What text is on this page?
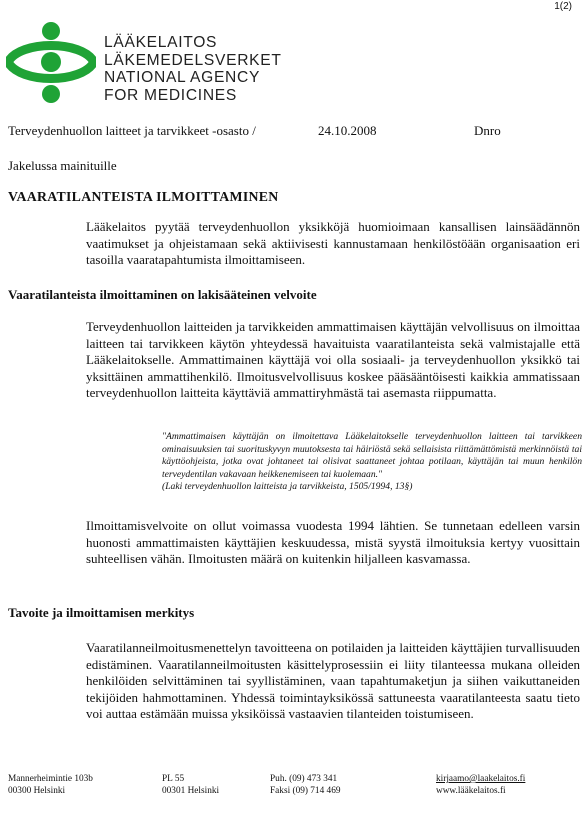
1(2)
LÄÄKELAITOS
LÄKEMEDELSVERKET
NATIONAL AGENCY
FOR MEDICINES
Terveydenhuollon laitteet ja tarvikkeet -osasto /	24.10.2008	Dnro
Jakelussa mainituille
VAARATILANTEISTA ILMOITTAMINEN

Lääkelaitos pyytää terveydenhuollon yksikköjä huomioimaan kansallisen lainsäädännön vaatimukset ja ohjeistamaan sekä aktiivisesti kannustamaan henkilöstöään organisaation eri tasoilla vaaratapahtumista ilmoittamiseen.

Vaaratilanteista ilmoittaminen on lakisääteinen velvoite

Terveydenhuollon laitteiden ja tarvikkeiden ammattimaisen käyttäjän velvollisuus on ilmoittaa laitteen tai tarvikkeen käytön yhteydessä havaituista vaaratilanteista sekä valmistajalle että Lääkelaitokselle. Ammattimainen käyttäjä voi olla sosiaali- ja terveydenhuollon yksikkö tai yksittäinen ammattihenkilö. Ilmoitusvelvollisuus koskee pääsääntöisesti kaikkia ammatissaan terveydenhuollon laitteita käyttäviä ammattiryhmästä tai asemasta riippumatta.

"Ammattimaisen käyttäjän on ilmoitettava Lääkelaitokselle terveydenhuollon laitteen tai tarvikkeen ominaisuuksien tai suorituskyvyn muutoksesta tai häiriöstä sekä sellaisista riittämättömistä merkinnöistä tai käyttöohjeista, jotka ovat johtaneet tai olisivat saattaneet johtaa potilaan, käyttäjän tai muun henkilön terveydentilan vakavaan heikkenemiseen tai kuolemaan."
(Laki terveydenhuollon laitteista ja tarvikkeista, 1505/1994, 13§)

Ilmoittamisvelvoite on ollut voimassa vuodesta 1994 lähtien. Se tunnetaan edelleen varsin huonosti ammattimaisten käyttäjien keskuudessa, mistä syystä ilmoituksia kertyy vuosittain suhteellisen vähän. Ilmoitusten määrä on kuitenkin hiljalleen kasvamassa.

Tavoite ja ilmoittamisen merkitys

Vaaratilanneilmoitusmenettelyn tavoitteena on potilaiden ja laitteiden käyttäjien turvallisuuden edistäminen. Vaaratilanneilmoitusten käsittelyprosessiin ei liity tilanteessa mukana olleiden henkilöiden selvittäminen tai syyllistäminen, vaan tapahtumaketjun ja siihen vaikuttaneiden tekijöiden hahmottaminen. Yhdessä toimintayksikössä sattuneesta vaaratilanteesta saatu tieto voi auttaa estämään muissa yksiköissä vastaavien tilanteiden toistumiseen.

Mannerheimintie 103b
00300 Helsinki
PL 55
00301 Helsinki
Puh. (09) 473 341
Faksi (09) 714 469
kirjaamo@laakelaitos.fi
www.lääkelaitos.fi
